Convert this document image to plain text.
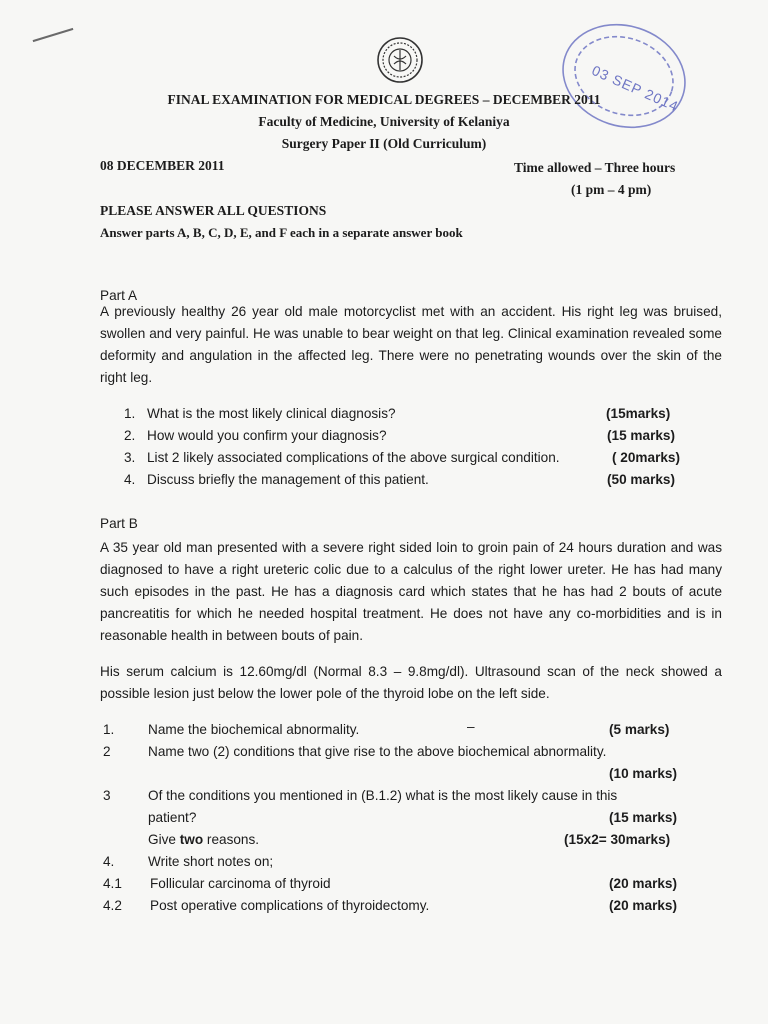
03 SEP 2014
FINAL EXAMINATION FOR MEDICAL DEGREES – DECEMBER 2011
Faculty of Medicine, University of Kelaniya
Surgery Paper II (Old Curriculum)
08 DECEMBER 2011	Time allowed – Three hours
(1 pm – 4 pm)
PLEASE ANSWER ALL QUESTIONS
Answer parts A, B, C, D, E, and F each in a separate answer book
Part A
A previously healthy 26 year old male motorcyclist met with an accident. His right leg was bruised, swollen and very painful. He was unable to bear weight on that leg. Clinical examination revealed some deformity and angulation in the affected leg. There were no penetrating wounds over the skin of the right leg.
1. What is the most likely clinical diagnosis?	(15marks)
2. How would you confirm your diagnosis?	(15 marks)
3. List 2 likely associated complications of the above surgical condition.	( 20marks)
4. Discuss briefly the management of this patient.	(50 marks)
Part B
A 35 year old man presented with a severe right sided loin to groin pain of 24 hours duration and was diagnosed to have a right ureteric colic due to a calculus of the right lower ureter. He has had many such episodes in the past. He has a diagnosis card which states that he has had 2 bouts of acute pancreatitis for which he needed hospital treatment. He does not have any co-morbidities and is in reasonable health in between bouts of pain.
His serum calcium is 12.60mg/dl (Normal 8.3 – 9.8mg/dl). Ultrasound scan of the neck showed a possible lesion just below the lower pole of the thyroid lobe on the left side.
1. Name the biochemical abnormality.	–	(5 marks)
2	Name two (2) conditions that give rise to the above biochemical abnormality.
(10 marks)
3	Of the conditions you mentioned in (B.1.2) what is the most likely cause in this
patient?	(15 marks)
Give two reasons.	(15x2= 30marks)
4. Write short notes on;
4.1 Follicular carcinoma of thyroid	(20 marks)
4.2 Post operative complications of thyroidectomy.	(20 marks)
